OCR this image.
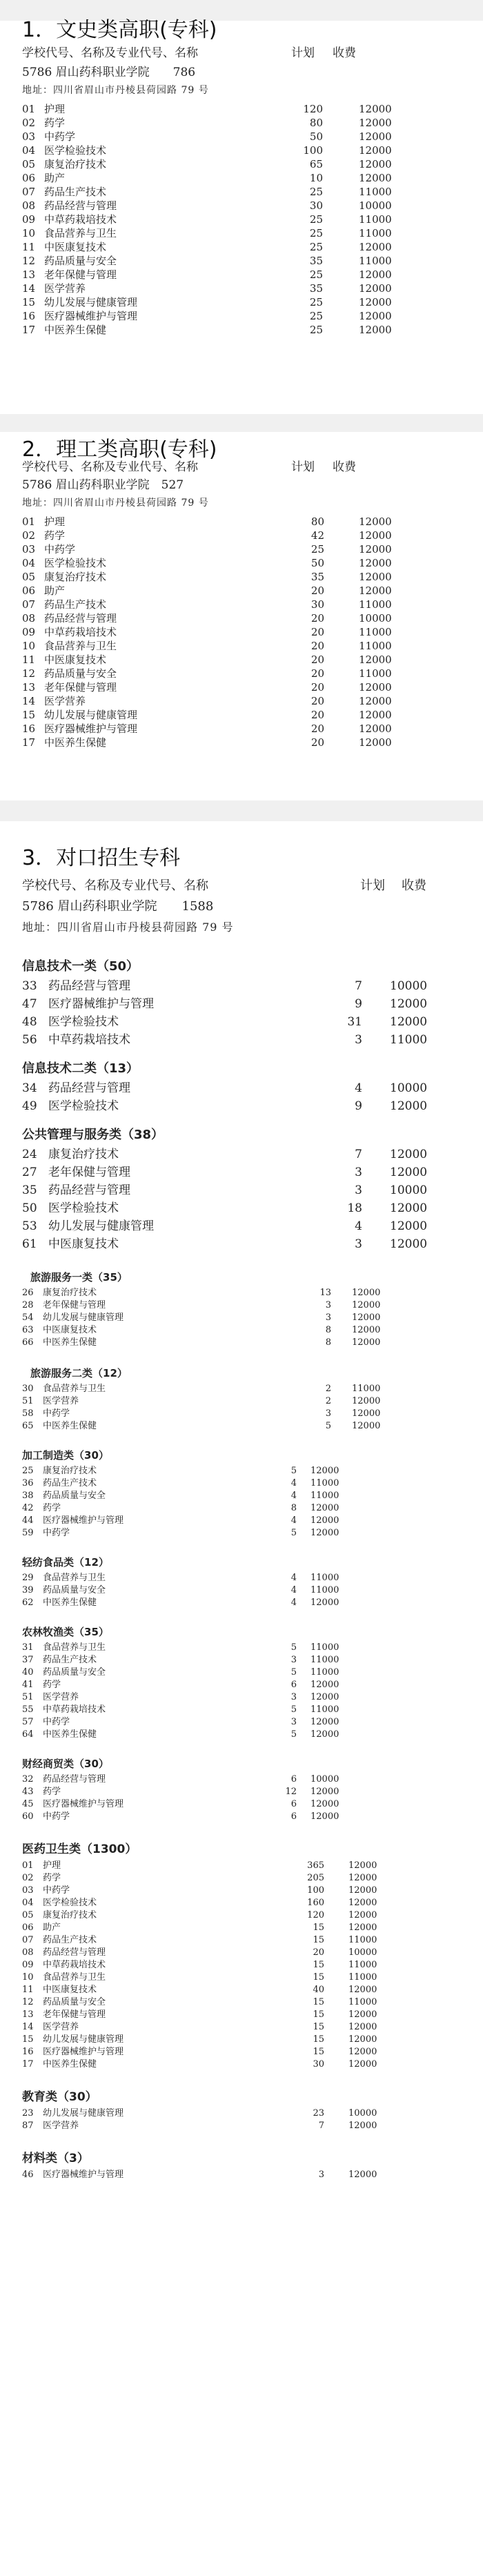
1．文史类高职(专科)
学校代号、名称及专业代号、名称	计划 收费
5786 眉山药科职业学院　　786
地址：四川省眉山市丹棱县荷园路 79 号
01 护理	120	12000
02 药学	80	12000
03 中药学	50	12000
04 医学检验技术	100	12000
05 康复治疗技术	65	12000
06 助产	10	12000
07 药品生产技术	25	11000
08 药品经营与管理	30	10000
09 中草药栽培技术	25	11000
10 食品营养与卫生	25	11000
11 中医康复技术	25	12000
12 药品质量与安全	35	11000
13 老年保健与管理	25	12000
14 医学营养	35	12000
15 幼儿发展与健康管理	25	12000
16 医疗器械维护与管理	25	12000
17 中医养生保健	25	12000
2．理工类高职(专科)
学校代号、名称及专业代号、名称	计划 收费
5786 眉山药科职业学院　527
地址：四川省眉山市丹棱县荷园路 79 号
01 护理	80	12000
02 药学	42	12000
03 中药学	25	12000
04 医学检验技术	50	12000
05 康复治疗技术	35	12000
06 助产	20	12000
07 药品生产技术	30	11000
08 药品经营与管理	20	10000
09 中草药栽培技术	20	11000
10 食品营养与卫生	20	11000
11 中医康复技术	20	12000
12 药品质量与安全	20	11000
13 老年保健与管理	20	12000
14 医学营养	20	12000
15 幼儿发展与健康管理	20	12000
16 医疗器械维护与管理	20	12000
17 中医养生保健	20	12000
3．对口招生专科
学校代号、名称及专业代号、名称	计划 收费
5786 眉山药科职业学院　　1588
地址：四川省眉山市丹棱县荷园路 79 号
信息技术一类（50）
33 药品经营与管理	7 10000
47 医疗器械维护与管理	9 12000
48 医学检验技术	31 12000
56 中草药栽培技术	3 11000
信息技术二类（13）
34 药品经营与管理	4 10000
49 医学检验技术	9 12000
公共管理与服务类（38）
24 康复治疗技术	7 12000
27 老年保健与管理	3 12000
35 药品经营与管理	3 10000
50 医学检验技术	18 12000
53 幼儿发展与健康管理	4 12000
61 中医康复技术	3 12000
旅游服务一类（35）
26 康复治疗技术	13 12000
28 老年保健与管理	3 12000
54 幼儿发展与健康管理	3 12000
63 中医康复技术	8 12000
66 中医养生保健	8 12000
旅游服务二类（12）
30 食品营养与卫生	2 11000
51 医学营养	2 12000
58 中药学	3 12000
65 中医养生保健	5 12000
加工制造类（30）
25 康复治疗技术	5 12000
36 药品生产技术	4 11000
38 药品质量与安全	4 11000
42 药学	8 12000
44 医疗器械维护与管理	4 12000
59 中药学	5 12000
轻纺食品类（12）
29 食品营养与卫生	4 11000
39 药品质量与安全	4 11000
62 中医养生保健	4 12000
农林牧渔类（35）
31 食品营养与卫生	5 11000
37 药品生产技术	3 11000
40 药品质量与安全	5 11000
41 药学	6 12000
51 医学营养	3 12000
55 中草药栽培技术	5 11000
57 中药学	3 12000
64 中医养生保健	5 12000
财经商贸类（30）
32 药品经营与管理	6 10000
43 药学	12 12000
45 医疗器械维护与管理	6 12000
60 中药学	6 12000
医药卫生类（1300）
01 护理	365	12000
02 药学	205	12000
03 中药学	100	12000
04 医学检验技术	160	12000
05 康复治疗技术	120	12000
06 助产	15	12000
07 药品生产技术	15	11000
08 药品经营与管理	20	10000
09 中草药栽培技术	15	11000
10 食品营养与卫生	15	11000
11 中医康复技术	40	12000
12 药品质量与安全	15	11000
13 老年保健与管理	15	12000
14 医学营养	15	12000
15 幼儿发展与健康管理	15	12000
16 医疗器械维护与管理	15	12000
17 中医养生保健	30	12000
教育类（30）
23 幼儿发展与健康管理	23	10000
87 医学营养	7	12000
材料类（3）
46 医疗器械维护与管理	3	12000
